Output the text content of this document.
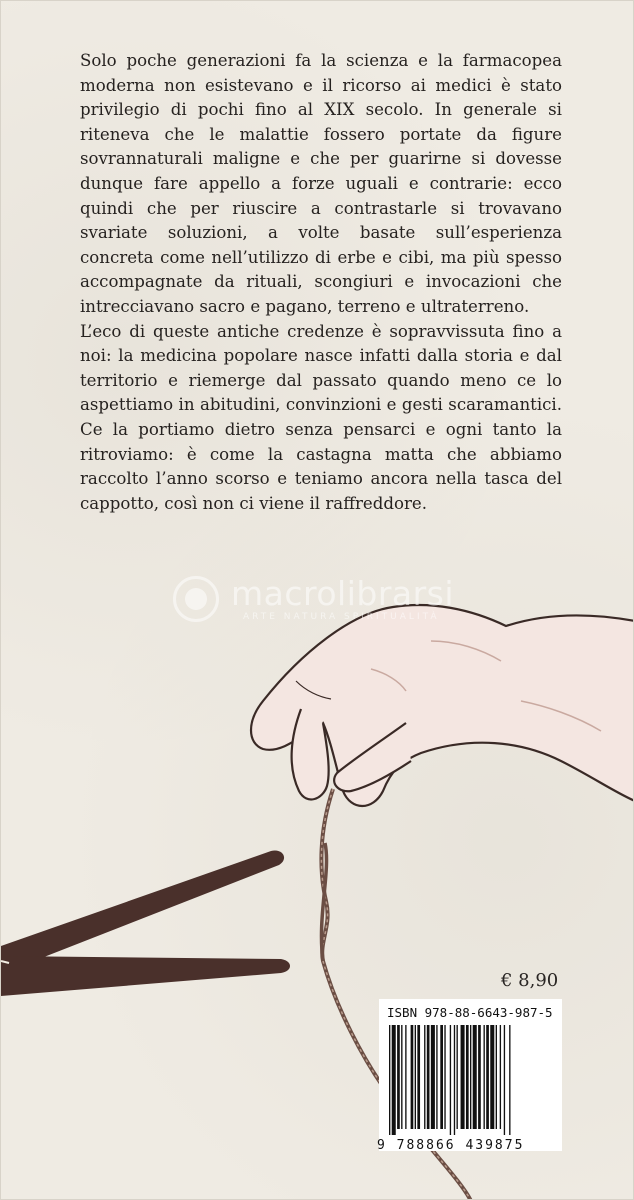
Solo poche generazioni fa la scienza e la farmacopea moderna non esistevano e il ricorso ai medici è stato privilegio di pochi fino al XIX secolo. In generale si riteneva che le malattie fossero portate da figure sovrannaturali maligne e che per guarirne si dovesse dunque fare appello a forze uguali e contrarie: ecco quindi che per riuscire a contrastarle si trovavano svariate soluzioni, a volte basate sull’esperienza concreta come nell’utilizzo di erbe e cibi, ma più spesso accompagnate da rituali, scongiuri e invocazioni che intrecciavano sacro e pagano, terreno e ultraterreno.

L’eco di queste antiche credenze è sopravvissuta fino a noi: la medicina popolare nasce infatti dalla storia e dal territorio e riemerge dal passato quando meno ce lo aspettiamo in abitudini, convinzioni e gesti scaramantici. Ce la portiamo dietro senza pensarci e ogni tanto la ritroviamo: è come la castagna matta che abbiamo raccolto l’anno scorso e teniamo ancora nella tasca del cappotto, così non ci viene il raffreddore.

macrolibrarsi
ARTE NATURA SPIRITUALITÀ
€ 8,90
ISBN 978-88-6643-987-5
9 788866 439875
